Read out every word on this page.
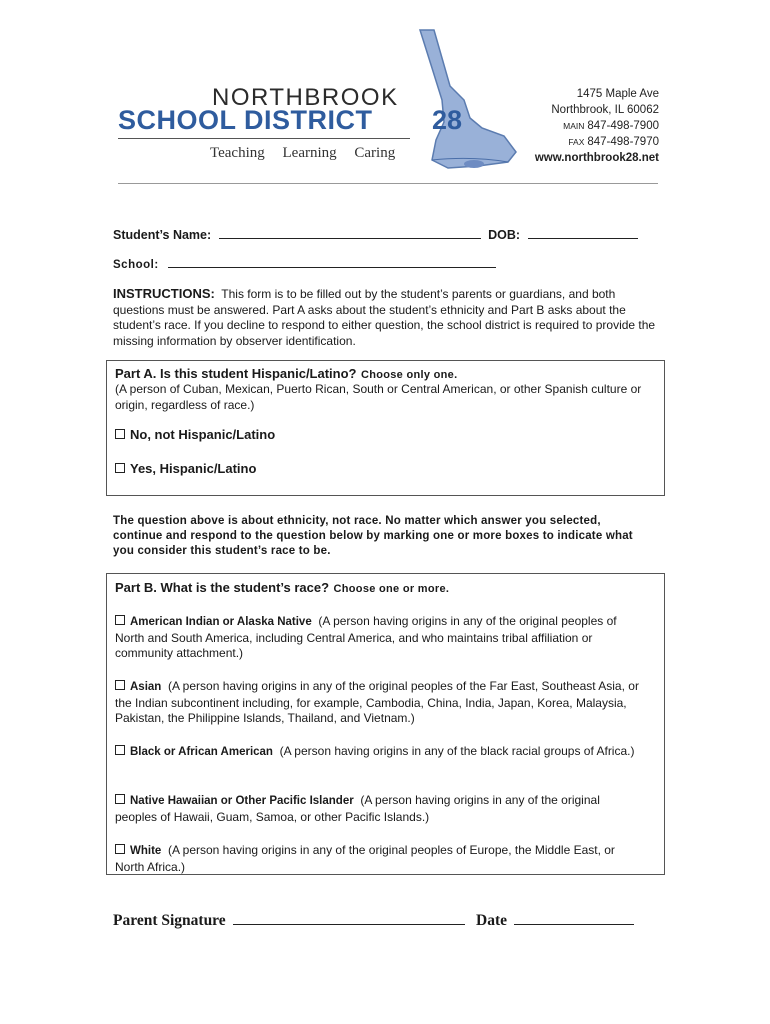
NORTHBROOK
SCHOOL DISTRICT 28
Teaching Learning Caring
1475 Maple Ave
Northbrook, IL 60062
MAIN 847-498-7900
FAX 847-498-7970
www.northbrook28.net
Student’s Name:	DOB:
School:
INSTRUCTIONS: This form is to be filled out by the student’s parents or guardians, and both questions must be answered. Part A asks about the student’s ethnicity and Part B asks about the student’s race. If you decline to respond to either question, the school district is required to provide the missing information by observer identification.
Part A. Is this student Hispanic/Latino? Choose only one.
(A person of Cuban, Mexican, Puerto Rican, South or Central American, or other Spanish culture or origin, regardless of race.)
No, not Hispanic/Latino
Yes, Hispanic/Latino
The question above is about ethnicity, not race. No matter which answer you selected, continue and respond to the question below by marking one or more boxes to indicate what you consider this student’s race to be.
Part B. What is the student’s race? Choose one or more.
American Indian or Alaska Native (A person having origins in any of the original peoples of North and South America, including Central America, and who maintains tribal affiliation or community attachment.)
Asian (A person having origins in any of the original peoples of the Far East, Southeast Asia, or the Indian subcontinent including, for example, Cambodia, China, India, Japan, Korea, Malaysia, Pakistan, the Philippine Islands, Thailand, and Vietnam.)
Black or African American (A person having origins in any of the black racial groups of Africa.)
Native Hawaiian or Other Pacific Islander (A person having origins in any of the original peoples of Hawaii, Guam, Samoa, or other Pacific Islands.)
White (A person having origins in any of the original peoples of Europe, the Middle East, or North Africa.)
Parent Signature	Date
